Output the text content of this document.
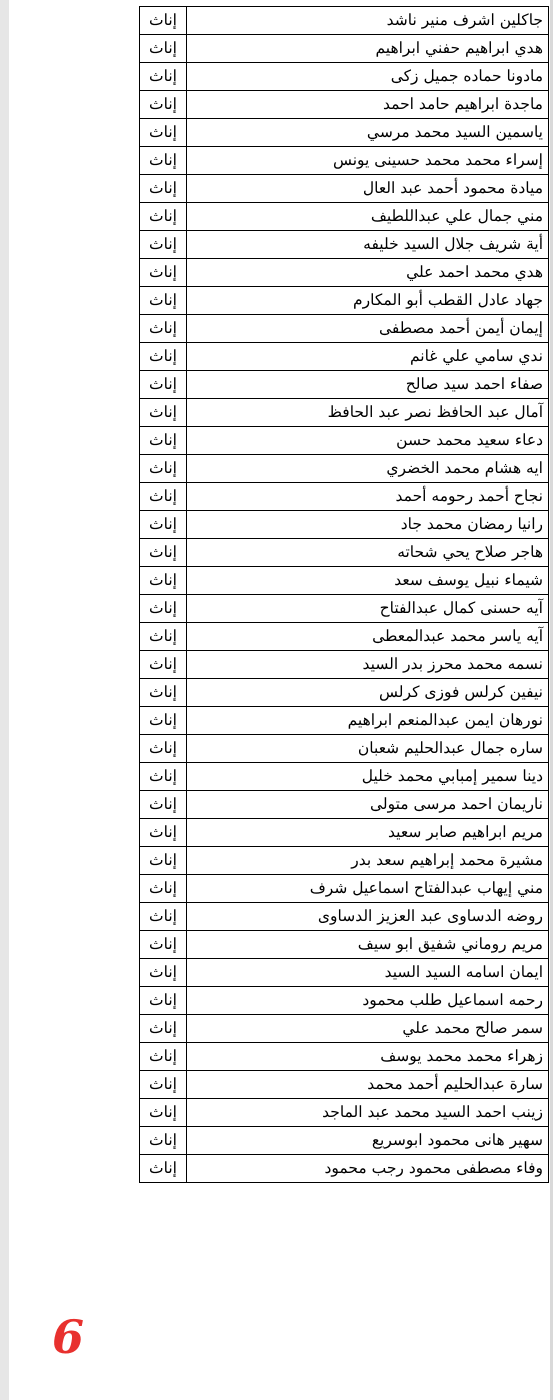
جاكلين اشرف منير ناشد	إناث
هدي ابراهيم حفني ابراهيم	إناث
مادونا حماده جميل زكى	إناث
ماجدة ابراهيم حامد احمد	إناث
ياسمين السيد محمد مرسي	إناث
إسراء محمد محمد حسينى يونس	إناث
ميادة محمود أحمد عبد العال	إناث
مني جمال علي عبداللطيف	إناث
أية شريف جلال السيد خليفه	إناث
هدي محمد احمد علي	إناث
جهاد عادل القطب أبو المكارم	إناث
إيمان أيمن أحمد مصطفى	إناث
ندي سامي علي غانم	إناث
صفاء احمد سيد صالح	إناث
آمال عبد الحافظ نصر عبد الحافظ	إناث
دعاء سعيد محمد حسن	إناث
ايه هشام محمد الخضري	إناث
نجاح أحمد رحومه أحمد	إناث
رانيا رمضان محمد جاد	إناث
هاجر صلاح يحي شحاته	إناث
شيماء نبيل يوسف سعد	إناث
آيه حسنى كمال عبدالفتاح	إناث
آيه ياسر محمد عبدالمعطى	إناث
نسمه محمد محرز بدر السيد	إناث
نيفين كرلس فوزى كرلس	إناث
نورهان ايمن عبدالمنعم ابراهيم	إناث
ساره جمال عبدالحليم شعبان	إناث
دينا سمير إمبابي محمد خليل	إناث
ناريمان احمد مرسى متولى	إناث
مريم ابراهيم صابر سعيد	إناث
مشيرة محمد إبراهيم سعد بدر	إناث
مني إيهاب عبدالفتاح اسماعيل شرف	إناث
روضه الدساوى عبد العزيز الدساوى	إناث
مريم روماني شفيق ابو سيف	إناث
ايمان اسامه السيد السيد	إناث
رحمه اسماعيل طلب محمود	إناث
سمر صالح محمد علي	إناث
زهراء محمد محمد يوسف	إناث
سارة عبدالحليم أحمد محمد	إناث
زينب احمد السيد محمد عبد الماجد	إناث
سهير هانى محمود ابوسريع	إناث
وفاء مصطفى محمود رجب محمود	إناث
6
